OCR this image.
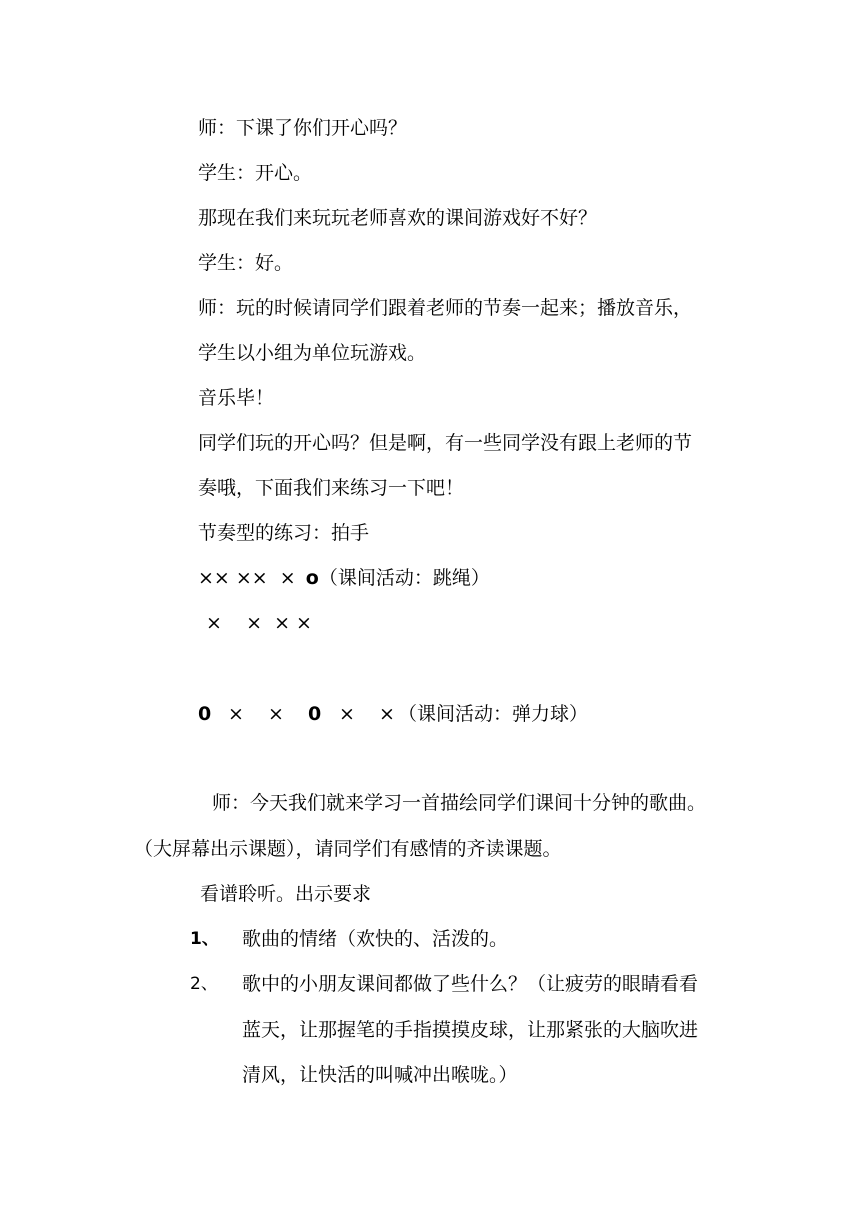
师：下课了你们开心吗？
学生：开心。
那现在我们来玩玩老师喜欢的课间游戏好不好？
学生：好。
师：玩的时候请同学们跟着老师的节奏一起来；播放音乐，
学生以小组为单位玩游戏。
音乐毕！
同学们玩的开心吗？但是啊，有一些同学没有跟上老师的节
奏哦，下面我们来练习一下吧！
节奏型的练习：拍手
×× ××  × o（课间活动：跳绳）
×    ×  × ×
0 × × 0 × × （课间活动：弹力球）
师：今天我们就来学习一首描绘同学们课间十分钟的歌曲。
（大屏幕出示课题），请同学们有感情的齐读课题。
看谱聆听。出示要求
1、 歌曲的情绪（欢快的、活泼的。
2、 歌中的小朋友课间都做了些什么？（让疲劳的眼睛看看
蓝天，让那握笔的手指摸摸皮球，让那紧张的大脑吹进
清风，让快活的叫喊冲出喉咙。）
